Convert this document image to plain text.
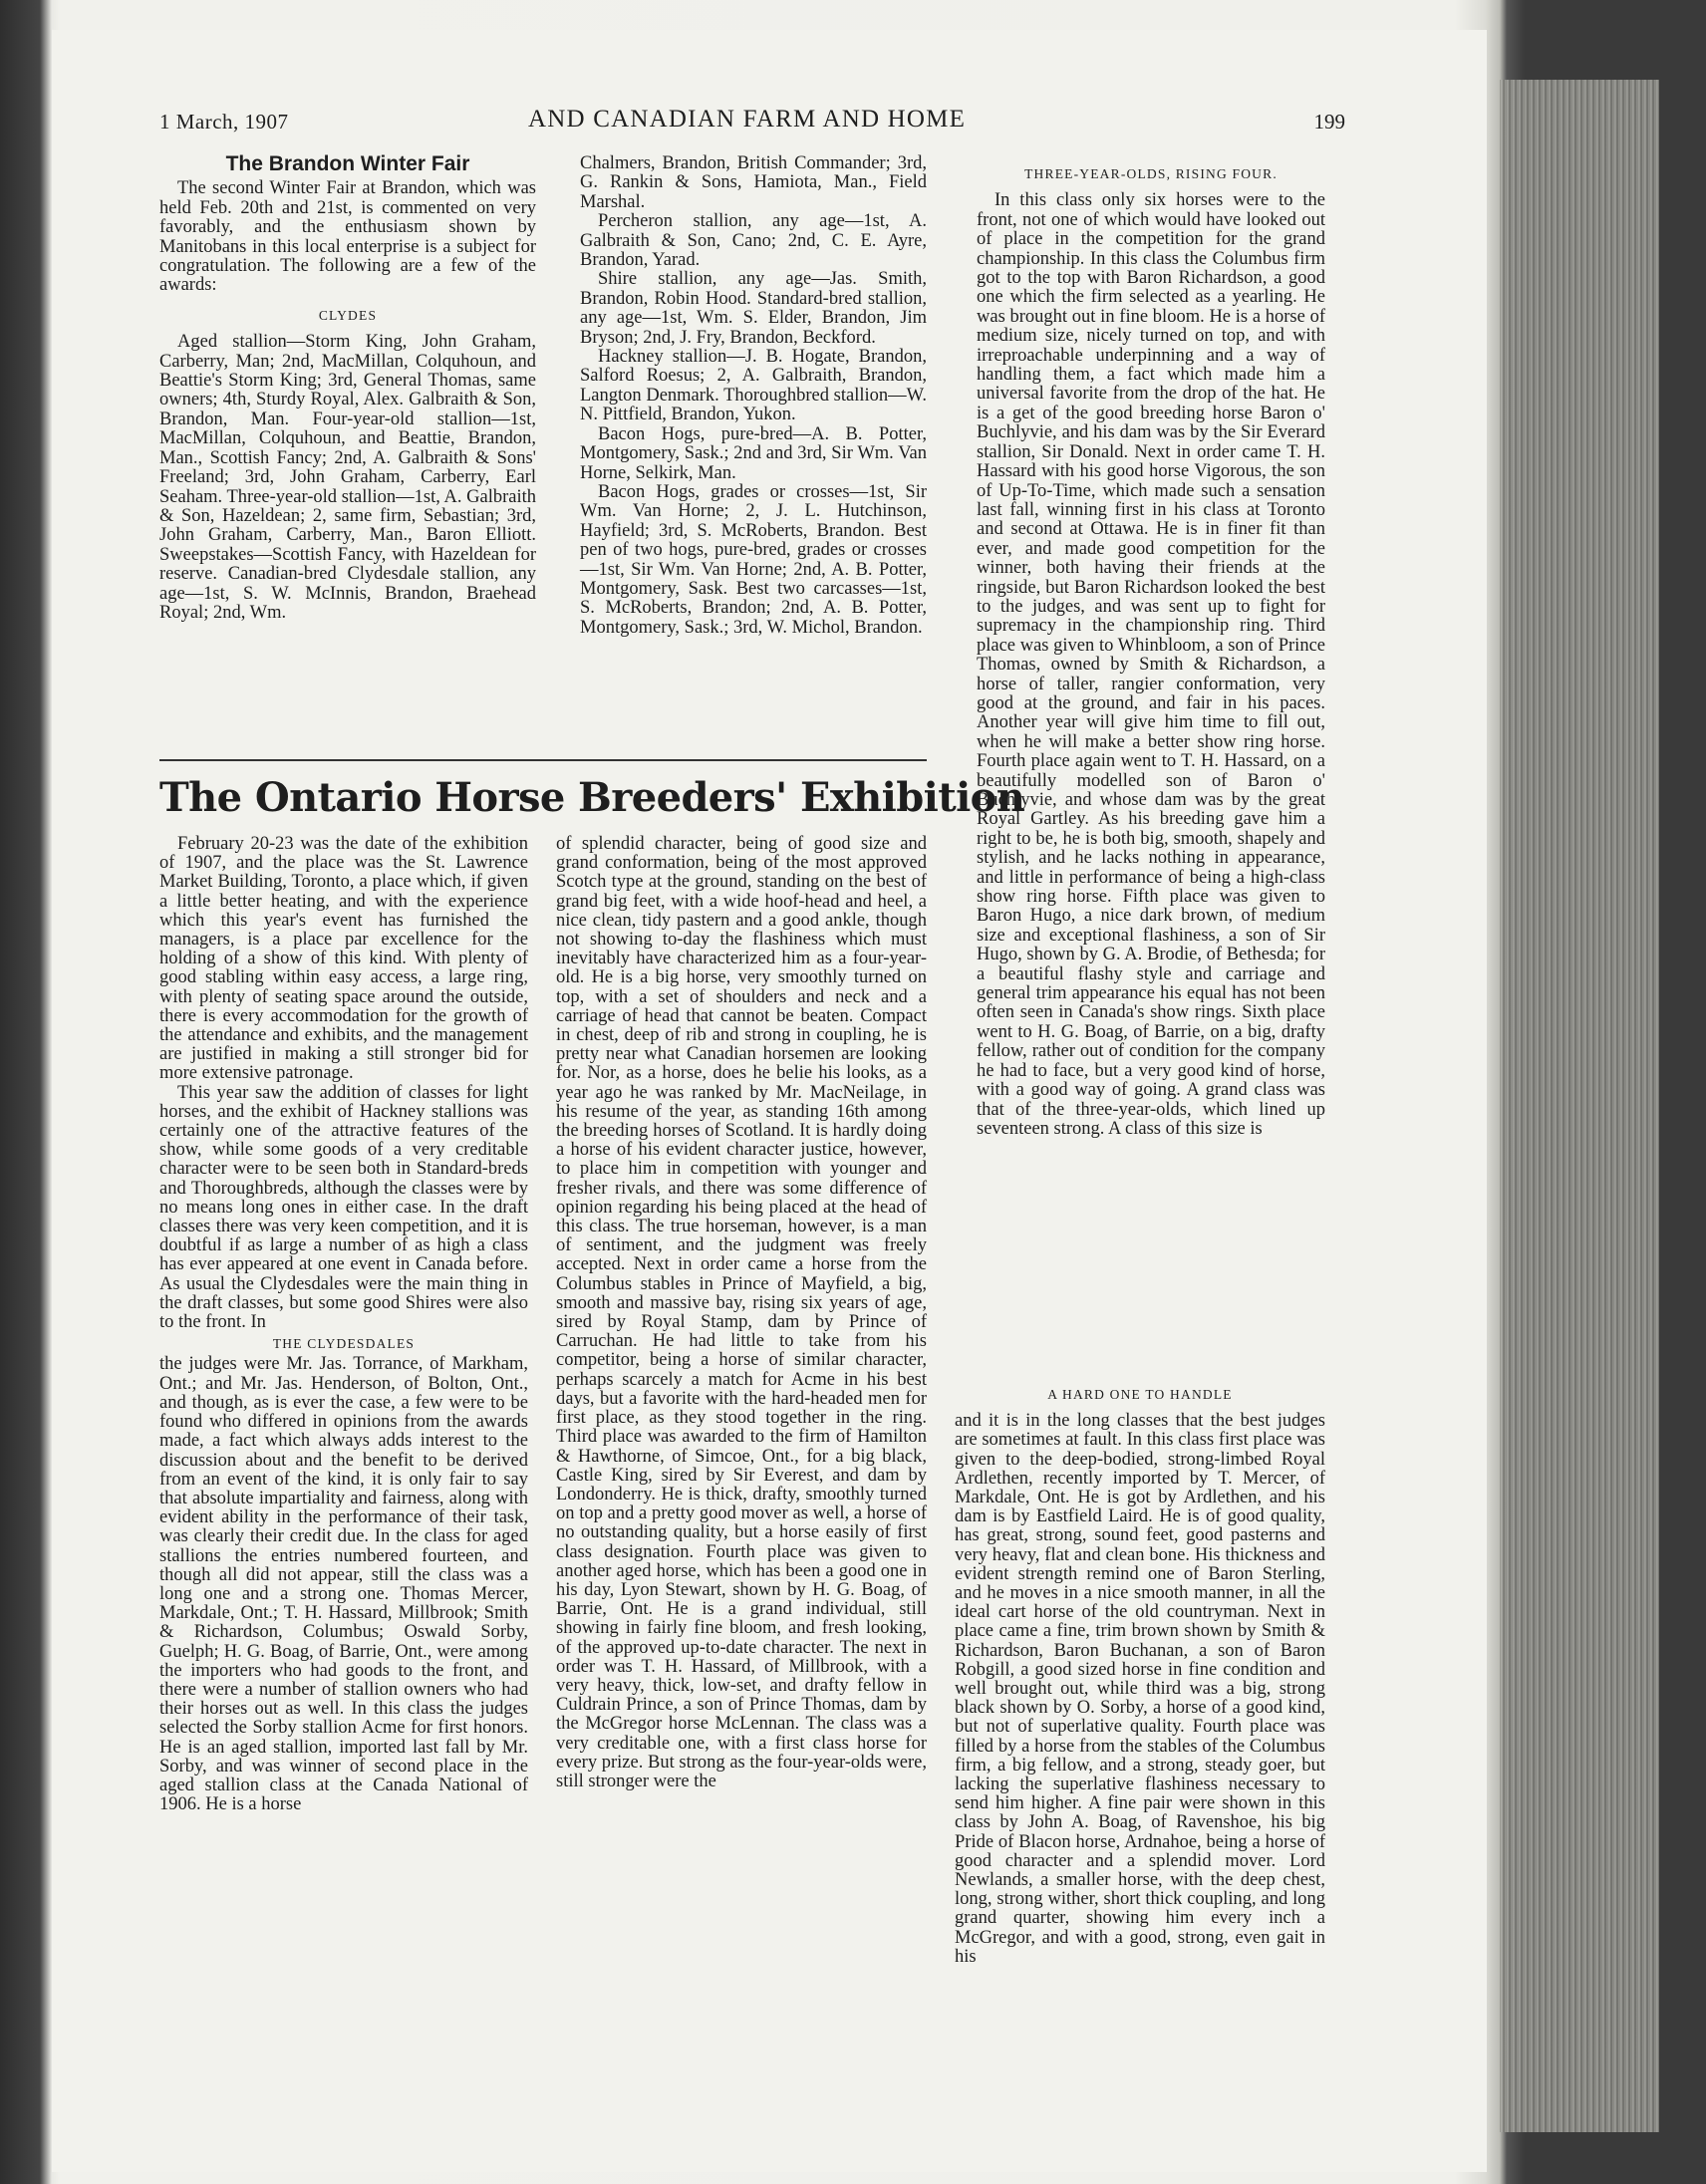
1 March, 1907	AND CANADIAN FARM AND HOME	199
The Brandon Winter Fair

The second Winter Fair at Brandon, which was held Feb. 20th and 21st, is commented on very favorably, and the enthusiasm shown by Manitobans in this local enterprise is a subject for congratulation. The following are a few of the awards:

CLYDES

Aged stallion—Storm King, John Graham, Carberry, Man; 2nd, MacMillan, Colquhoun, and Beattie's Storm King; 3rd, General Thomas, same owners; 4th, Sturdy Royal, Alex. Galbraith & Son, Brandon, Man. Four-year-old stallion—1st, MacMillan, Colquhoun, and Beattie, Brandon, Man., Scottish Fancy; 2nd, A. Galbraith & Sons' Freeland; 3rd, John Graham, Carberry, Earl Seaham. Three-year-old stallion—1st, A. Galbraith & Son, Hazeldean; 2, same firm, Sebastian; 3rd, John Graham, Carberry, Man., Baron Elliott. Sweepstakes—Scottish Fancy, with Hazeldean for reserve. Canadian-bred Clydesdale stallion, any age—1st, S. W. McInnis, Brandon, Braehead Royal; 2nd, Wm.

Chalmers, Brandon, British Commander; 3rd, G. Rankin & Sons, Hamiota, Man., Field Marshal.

Percheron stallion, any age—1st, A. Galbraith & Son, Cano; 2nd, C. E. Ayre, Brandon, Yarad.

Shire stallion, any age—Jas. Smith, Brandon, Robin Hood. Standard-bred stallion, any age—1st, Wm. S. Elder, Brandon, Jim Bryson; 2nd, J. Fry, Brandon, Beckford.

Hackney stallion—J. B. Hogate, Brandon, Salford Roesus; 2, A. Galbraith, Brandon, Langton Denmark. Thoroughbred stallion—W. N. Pittfield, Brandon, Yukon.

Bacon Hogs, pure-bred—A. B. Potter, Montgomery, Sask.; 2nd and 3rd, Sir Wm. Van Horne, Selkirk, Man.

Bacon Hogs, grades or crosses—1st, Sir Wm. Van Horne; 2, J. L. Hutchinson, Hayfield; 3rd, S. McRoberts, Brandon. Best pen of two hogs, pure-bred, grades or crosses—1st, Sir Wm. Van Horne; 2nd, A. B. Potter, Montgomery, Sask. Best two carcasses—1st, S. McRoberts, Brandon; 2nd, A. B. Potter, Montgomery, Sask.; 3rd, W. Michol, Brandon.

THREE-YEAR-OLDS, RISING FOUR.

In this class only six horses were to the front, not one of which would have looked out of place in the competition for the grand championship. In this class the Columbus firm got to the top with Baron Richardson, a good one which the firm selected as a yearling. He was brought out in fine bloom. He is a horse of medium size, nicely turned on top, and with irreproachable underpinning and a way of handling them, a fact which made him a universal favorite from the drop of the hat. He is a get of the good breeding horse Baron o' Buchlyvie, and his dam was by the Sir Everard stallion, Sir Donald. Next in order came T. H. Hassard with his good horse Vigorous, the son of Up-To-Time, which made such a sensation last fall, winning first in his class at Toronto and second at Ottawa. He is in finer fit than ever, and made good competition for the winner, both having their friends at the ringside, but Baron Richardson looked the best to the judges, and was sent up to fight for supremacy in the championship ring. Third place was given to Whinbloom, a son of Prince Thomas, owned by Smith & Richardson, a horse of taller, rangier conformation, very good at the ground, and fair in his paces. Another year will give him time to fill out, when he will make a better show ring horse. Fourth place again went to T. H. Hassard, on a beautifully modelled son of Baron o' Buchlyvie, and whose dam was by the great Royal Gartley. As his breeding gave him a right to be, he is both big, smooth, shapely and stylish, and he lacks nothing in appearance, and little in performance of being a high-class show ring horse. Fifth place was given to Baron Hugo, a nice dark brown, of medium size and exceptional flashiness, a son of Sir Hugo, shown by G. A. Brodie, of Bethesda; for a beautiful flashy style and carriage and general trim appearance his equal has not been often seen in Canada's show rings. Sixth place went to H. G. Boag, of Barrie, on a big, drafty fellow, rather out of condition for the company he had to face, but a very good kind of horse, with a good way of going. A grand class was that of the three-year-olds, which lined up seventeen strong. A class of this size is

The Ontario Horse Breeders' Exhibition

February 20-23 was the date of the exhibition of 1907, and the place was the St. Lawrence Market Building, Toronto, a place which, if given a little better heating, and with the experience which this year's event has furnished the managers, is a place par excellence for the holding of a show of this kind. With plenty of good stabling within easy access, a large ring, with plenty of seating space around the outside, there is every accommodation for the growth of the attendance and exhibits, and the management are justified in making a still stronger bid for more extensive patronage.

This year saw the addition of classes for light horses, and the exhibit of Hackney stallions was certainly one of the attractive features of the show, while some goods of a very creditable character were to be seen both in Standard-breds and Thoroughbreds, although the classes were by no means long ones in either case. In the draft classes there was very keen competition, and it is doubtful if as large a number of as high a class has ever appeared at one event in Canada before. As usual the Clydesdales were the main thing in the draft classes, but some good Shires were also to the front. In

THE CLYDESDALES

the judges were Mr. Jas. Torrance, of Markham, Ont.; and Mr. Jas. Henderson, of Bolton, Ont., and though, as is ever the case, a few were to be found who differed in opinions from the awards made, a fact which always adds interest to the discussion about and the benefit to be derived from an event of the kind, it is only fair to say that absolute impartiality and fairness, along with evident ability in the performance of their task, was clearly their credit due. In the class for aged stallions the entries numbered fourteen, and though all did not appear, still the class was a long one and a strong one. Thomas Mercer, Markdale, Ont.; T. H. Hassard, Millbrook; Smith & Richardson, Columbus; Oswald Sorby, Guelph; H. G. Boag, of Barrie, Ont., were among the importers who had goods to the front, and there were a number of stallion owners who had their horses out as well. In this class the judges selected the Sorby stallion Acme for first honors. He is an aged stallion, imported last fall by Mr. Sorby, and was winner of second place in the aged stallion class at the Canada National of 1906. He is a horse

of splendid character, being of good size and grand conformation, being of the most approved Scotch type at the ground, standing on the best of grand big feet, with a wide hoof-head and heel, a nice clean, tidy pastern and a good ankle, though not showing to-day the flashiness which must inevitably have characterized him as a four-year-old. He is a big horse, very smoothly turned on top, with a set of shoulders and neck and a carriage of head that cannot be beaten. Compact in chest, deep of rib and strong in coupling, he is pretty near what Canadian horsemen are looking for. Nor, as a horse, does he belie his looks, as a year ago he was ranked by Mr. MacNeilage, in his resume of the year, as standing 16th among the breeding horses of Scotland. It is hardly doing a horse of his evident character justice, however, to place him in competition with younger and fresher rivals, and there was some difference of opinion regarding his being placed at the head of this class. The true horseman, however, is a man of sentiment, and the judgment was freely accepted. Next in order came a horse from the Columbus stables in Prince of Mayfield, a big, smooth and massive bay, rising six years of age, sired by Royal Stamp, dam by Prince of Carruchan. He had little to take from his competitor, being a horse of similar character, perhaps scarcely a match for Acme in his best days, but a favorite with the hard-headed men for first place, as they stood together in the ring. Third place was awarded to the firm of Hamilton & Hawthorne, of Simcoe, Ont., for a big black, Castle King, sired by Sir Everest, and dam by Londonderry. He is thick, drafty, smoothly turned on top and a pretty good mover as well, a horse of no outstanding quality, but a horse easily of first class designation. Fourth place was given to another aged horse, which has been a good one in his day, Lyon Stewart, shown by H. G. Boag, of Barrie, Ont. He is a grand individual, still showing in fairly fine bloom, and fresh looking, of the approved up-to-date character. The next in order was T. H. Hassard, of Millbrook, with a very heavy, thick, low-set, and drafty fellow in Culdrain Prince, a son of Prince Thomas, dam by the McGregor horse McLennan. The class was a very creditable one, with a first class horse for every prize. But strong as the four-year-olds were, still stronger were the

A HARD ONE TO HANDLE

and it is in the long classes that the best judges are sometimes at fault. In this class first place was given to the deep-bodied, strong-limbed Royal Ardlethen, recently imported by T. Mercer, of Markdale, Ont. He is got by Ardlethen, and his dam is by Eastfield Laird. He is of good quality, has great, strong, sound feet, good pasterns and very heavy, flat and clean bone. His thickness and evident strength remind one of Baron Sterling, and he moves in a nice smooth manner, in all the ideal cart horse of the old countryman. Next in place came a fine, trim brown shown by Smith & Richardson, Baron Buchanan, a son of Baron Robgill, a good sized horse in fine condition and well brought out, while third was a big, strong black shown by O. Sorby, a horse of a good kind, but not of superlative quality. Fourth place was filled by a horse from the stables of the Columbus firm, a big fellow, and a strong, steady goer, but lacking the superlative flashiness necessary to send him higher. A fine pair were shown in this class by John A. Boag, of Ravenshoe, his big Pride of Blacon horse, Ardnahoe, being a horse of good character and a splendid mover. Lord Newlands, a smaller horse, with the deep chest, long, strong wither, short thick coupling, and long grand quarter, showing him every inch a McGregor, and with a good, strong, even gait in his
